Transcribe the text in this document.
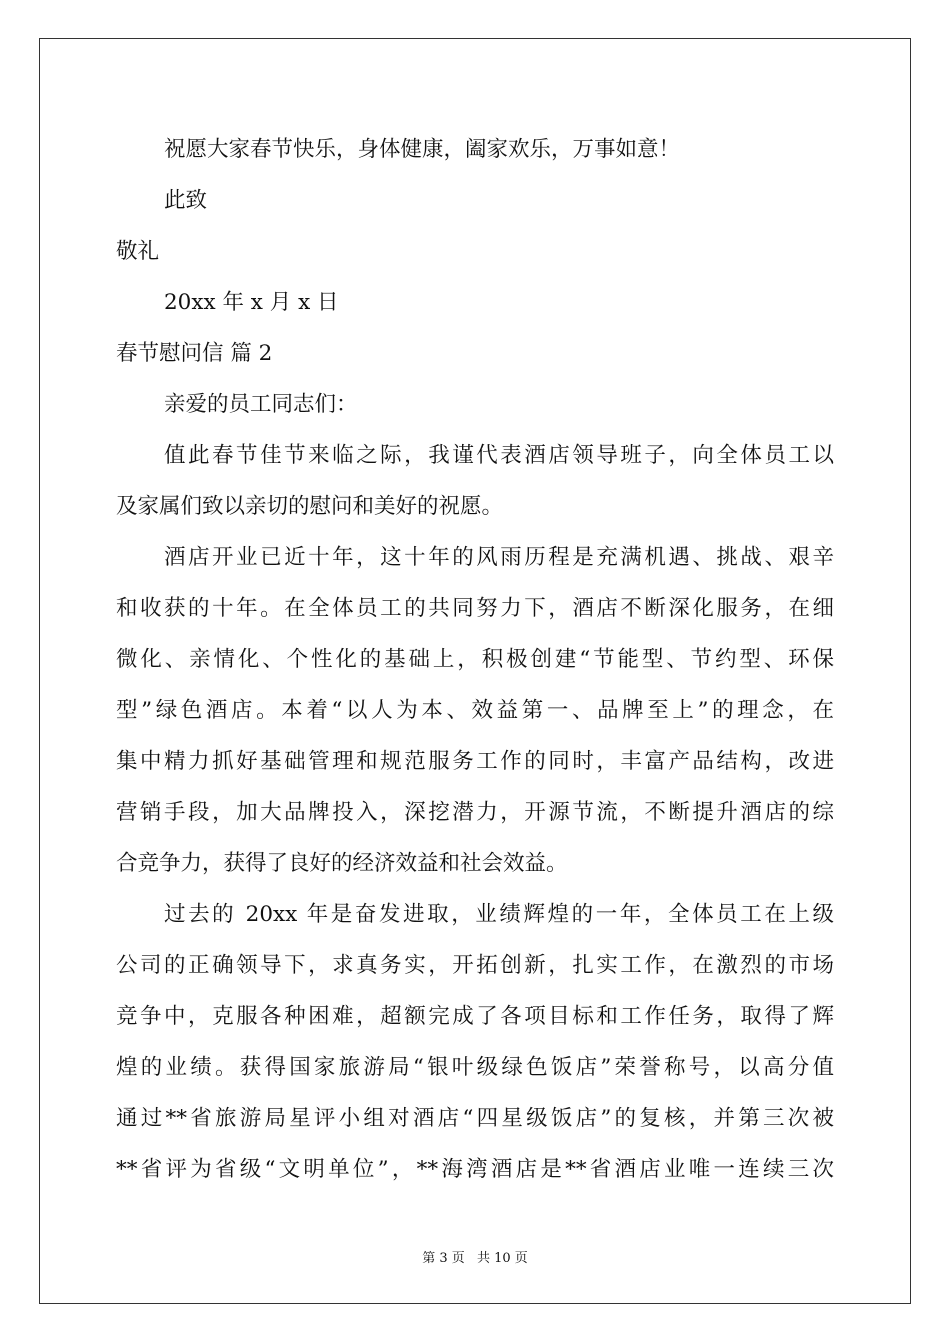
祝愿大家春节快乐，身体健康，阖家欢乐，万事如意！
此致
敬礼
20xx 年 x 月 x 日
春节慰问信 篇 2
亲爱的员工同志们：
值此春节佳节来临之际，我谨代表酒店领导班子，向全体员工以
及家属们致以亲切的慰问和美好的祝愿。
酒店开业已近十年，这十年的风雨历程是充满机遇、挑战、艰辛
和收获的十年。在全体员工的共同努力下，酒店不断深化服务，在细
微化、亲情化、个性化的基础上，积极创建“节能型、节约型、环保
型”绿色酒店。本着“以人为本、效益第一、品牌至上”的理念，在
集中精力抓好基础管理和规范服务工作的同时，丰富产品结构，改进
营销手段，加大品牌投入，深挖潜力，开源节流，不断提升酒店的综
合竞争力，获得了良好的经济效益和社会效益。
过去的 20xx 年是奋发进取，业绩辉煌的一年，全体员工在上级
公司的正确领导下，求真务实，开拓创新，扎实工作，在激烈的市场
竞争中，克服各种困难，超额完成了各项目标和工作任务，取得了辉
煌的业绩。获得国家旅游局“银叶级绿色饭店”荣誉称号，以高分值
通过**省旅游局星评小组对酒店“四星级饭店”的复核，并第三次被
**省评为省级“文明单位”，**海湾酒店是**省酒店业唯一连续三次
第 3 页 共 10 页
